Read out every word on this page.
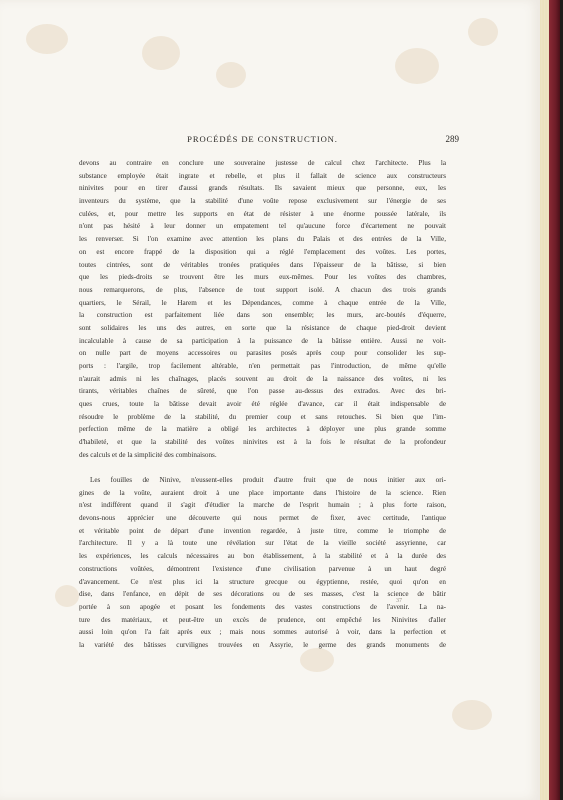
PROCÉDÉS DE CONSTRUCTION.	289
devons au contraire en conclure une souveraine justesse de calcul chez l'architecte. Plus la
substance employée était ingrate et rebelle, et plus il fallait de science aux constructeurs
ninivites pour en tirer d'aussi grands résultats. Ils savaient mieux que personne, eux, les
inventeurs du système, que la stabilité d'une voûte repose exclusivement sur l'énergie de ses
culées, et, pour mettre les supports en état de résister à une énorme poussée latérale, ils
n'ont pas hésité à leur donner un empatement tel qu'aucune force d'écartement ne pouvait
les renverser. Si l'on examine avec attention les plans du Palais et des entrées de la Ville,
on est encore frappé de la disposition qui a réglé l'emplacement des voûtes. Les portes,
toutes cintrées, sont de véritables tronées pratiquées dans l'épaisseur de la bâtisse, si bien
que les pieds-droits se trouvent être les murs eux-mêmes. Pour les voûtes des chambres,
nous remarquerons, de plus, l'absence de tout support isolé. A chacun des trois grands
quartiers, le Sérail, le Harem et les Dépendances, comme à chaque entrée de la Ville,
la construction est parfaitement liée dans son ensemble; les murs, arc-boutés d'équerre,
sont solidaires les uns des autres, en sorte que la résistance de chaque pied-droit devient
incalculable à cause de sa participation à la puissance de la bâtisse entière. Aussi ne voit-
on nulle part de moyens accessoires ou parasites posés après coup pour consolider les sup-
ports : l'argile, trop facilement altérable, n'en permettait pas l'introduction, de même qu'elle
n'aurait admis ni les chaînages, placés souvent au droit de la naissance des voûtes, ni les
tirants, véritables chaînes de sûreté, que l'on passe au-dessus des extrados. Avec des bri-
ques crues, toute la bâtisse devait avoir été réglée d'avance, car il était indispensable de
résoudre le problème de la stabilité, du premier coup et sans retouches. Si bien que l'im-
perfection même de la matière a obligé les architectes à déployer une plus grande somme
d'habileté, et que la stabilité des voûtes ninivites est à la fois le résultat de la profondeur
des calculs et de la simplicité des combinaisons.
Les fouilles de Ninive, n'eussent-elles produit d'autre fruit que de nous initier aux ori-
gines de la voûte, auraient droit à une place importante dans l'histoire de la science. Rien
n'est indifférent quand il s'agit d'étudier la marche de l'esprit humain ; à plus forte raison,
devons-nous apprécier une découverte qui nous permet de fixer, avec certitude, l'antique
et véritable point de départ d'une invention regardée, à juste titre, comme le triomphe de
l'architecture. Il y a là toute une révélation sur l'état de la vieille société assyrienne, car
les expériences, les calculs nécessaires au bon établissement, à la stabilité et à la durée des
constructions voûtées, démontrent l'existence d'une civilisation parvenue à un haut degré
d'avancement. Ce n'est plus ici la structure grecque ou égyptienne, restée, quoi qu'on en
dise, dans l'enfance, en dépit de ses décorations ou de ses masses, c'est la science de bâtir
portée à son apogée et posant les fondements des vastes constructions de l'avenir. La na-
ture des matériaux, et peut-être un excès de prudence, ont empêché les Ninivites d'aller
aussi loin qu'on l'a fait après eux ; mais nous sommes autorisé à voir, dans la perfection et
la variété des bâtisses curvilignes trouvées en Assyrie, le germe des grands monuments de
37
